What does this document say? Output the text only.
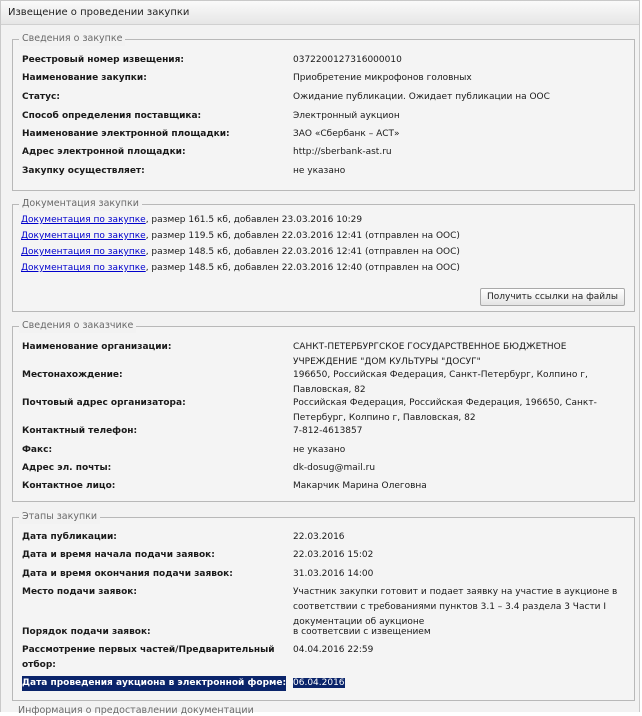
Извещение о проведении закупки
Сведения о закупке
Реестровый номер извещения:	0372200127316000010
Наименование закупки:	Приобретение микрофонов головных
Статус:	Ожидание публикации. Ожидает публикации на ООС
Способ определения поставщика:	Электронный аукцион
Наименование электронной площадки:	ЗАО «Сбербанк – АСТ»
Адрес электронной площадки:	http://sberbank-ast.ru
Закупку осуществляет:	не указано
Документация закупки
Документация по закупке, размер 161.5 кб, добавлен 23.03.2016 10:29
Документация по закупке, размер 119.5 кб, добавлен 22.03.2016 12:41 (отправлен на ООС)
Документация по закупке, размер 148.5 кб, добавлен 22.03.2016 12:41 (отправлен на ООС)
Документация по закупке, размер 148.5 кб, добавлен 22.03.2016 12:40 (отправлен на ООС)
Получить ссылки на файлы
Сведения о заказчике
Наименование организации:	САНКТ-ПЕТЕРБУРГСКОЕ ГОСУДАРСТВЕННОЕ БЮДЖЕТНОЕ УЧРЕЖДЕНИЕ "ДОМ КУЛЬТУРЫ "ДОСУГ"
Местонахождение:	196650, Российская Федерация, Санкт-Петербург, Колпино г, Павловская, 82
Почтовый адрес организатора:	Российская Федерация, Российская Федерация, 196650, Санкт-Петербург, Колпино г, Павловская, 82
Контактный телефон:	7-812-4613857
Факс:	не указано
Адрес эл. почты:	dk-dosug@mail.ru
Контактное лицо:	Макарчик Марина Олеговна
Этапы закупки
Дата публикации:	22.03.2016
Дата и время начала подачи заявок:	22.03.2016 15:02
Дата и время окончания подачи заявок:	31.03.2016 14:00
Место подачи заявок:	Участник закупки готовит и подает заявку на участие в аукционе в соответствии с требованиями пунктов 3.1 – 3.4 раздела 3 Части I документации об аукционе
Порядок подачи заявок:	в соответсвии с извещением
Рассмотрение первых частей/Предварительный отбор:
04.04.2016 22:59
Дата проведения аукциона в электронной форме: 06.04.2016
Информация о предоставлении документации
